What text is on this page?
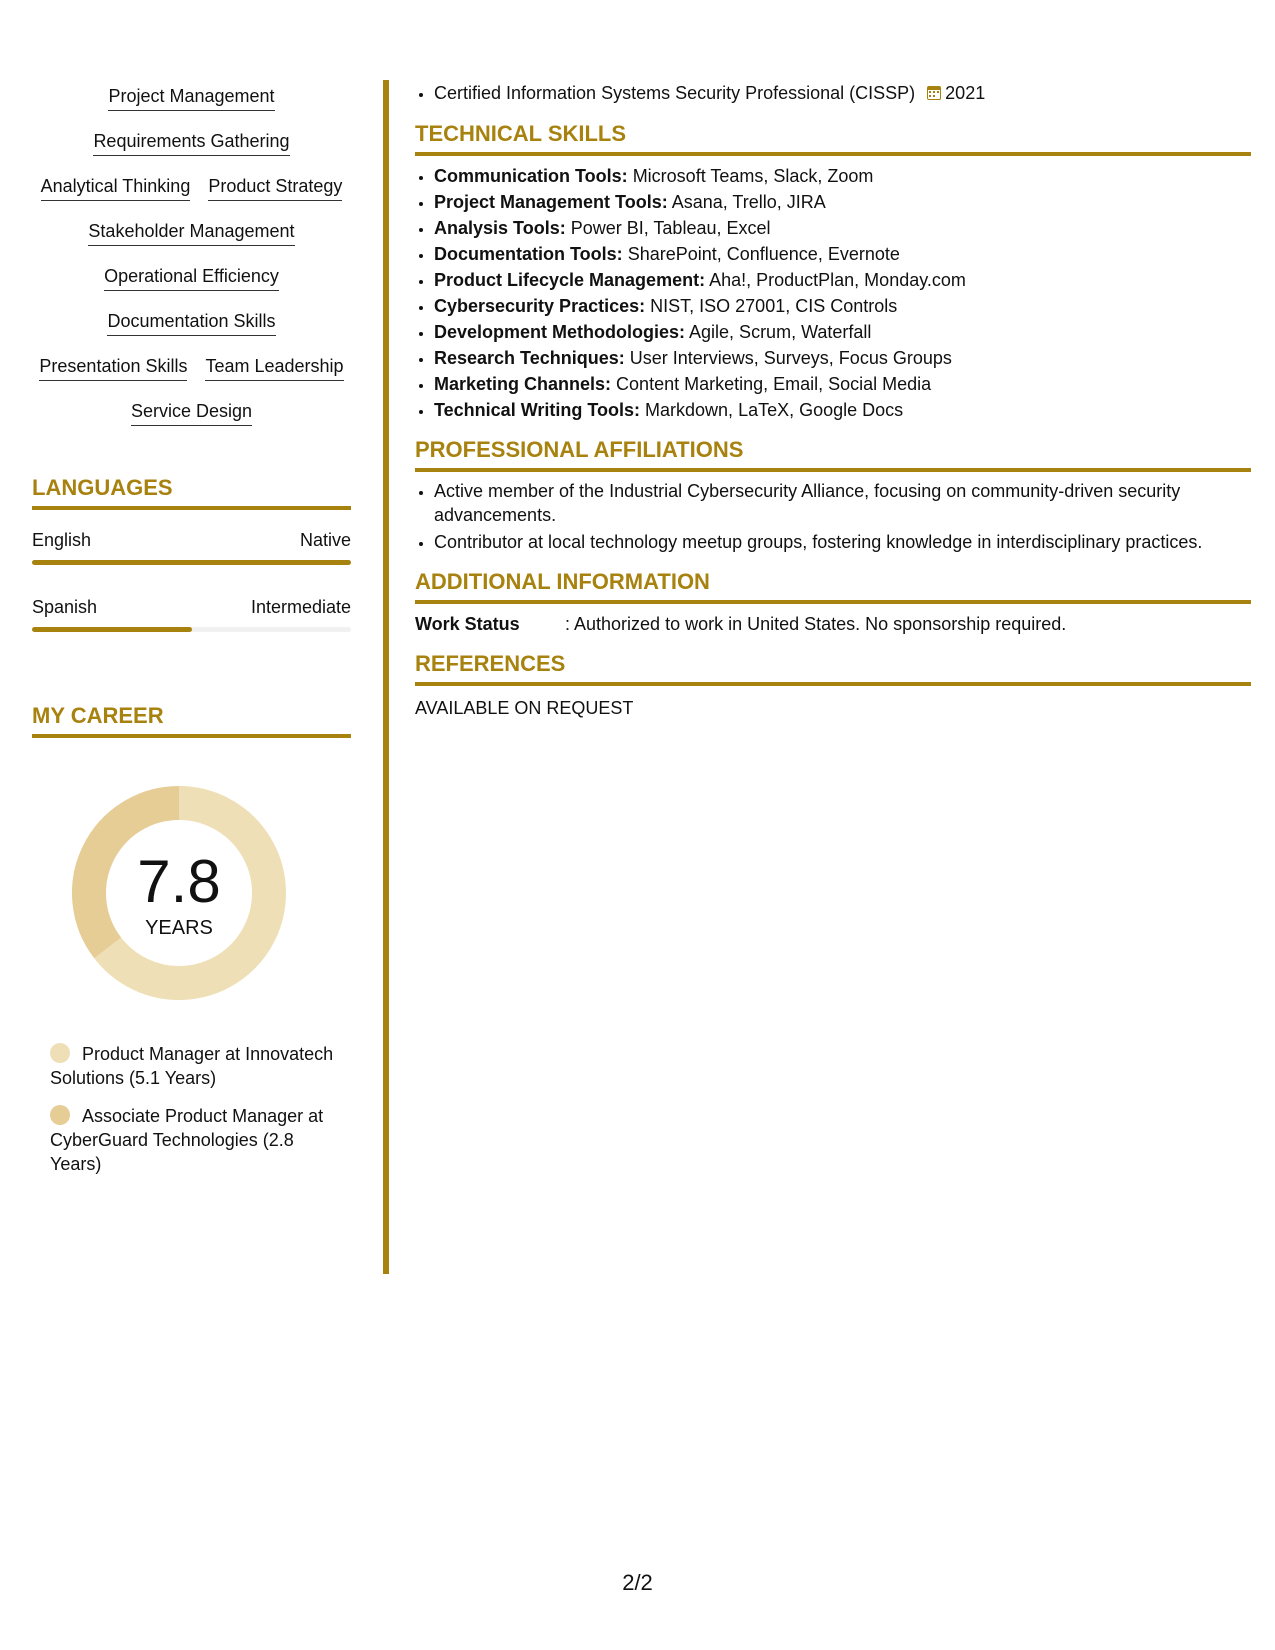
Project Management
Requirements Gathering
Analytical Thinking Product Strategy
Stakeholder Management
Operational Efficiency
Documentation Skills
Presentation Skills Team Leadership
Service Design
LANGUAGES
English	Native
Spanish	Intermediate
MY CAREER
7.8
YEARS
Product Manager at Innovatech Solutions (5.1 Years)
Associate Product Manager at CyberGuard Technologies (2.8 Years)
• Certified Information Systems Security Professional (CISSP) 2021
TECHNICAL SKILLS
• Communication Tools: Microsoft Teams, Slack, Zoom
• Project Management Tools: Asana, Trello, JIRA
• Analysis Tools: Power BI, Tableau, Excel
• Documentation Tools: SharePoint, Confluence, Evernote
• Product Lifecycle Management: Aha!, ProductPlan, Monday.com
• Cybersecurity Practices: NIST, ISO 27001, CIS Controls
• Development Methodologies: Agile, Scrum, Waterfall
• Research Techniques: User Interviews, Surveys, Focus Groups
• Marketing Channels: Content Marketing, Email, Social Media
• Technical Writing Tools: Markdown, LaTeX, Google Docs
PROFESSIONAL AFFILIATIONS
• Active member of the Industrial Cybersecurity Alliance, focusing on community-driven security advancements.
• Contributor at local technology meetup groups, fostering knowledge in interdisciplinary practices.
ADDITIONAL INFORMATION
Work Status	: Authorized to work in United States. No sponsorship required.
REFERENCES
AVAILABLE ON REQUEST
2/2
